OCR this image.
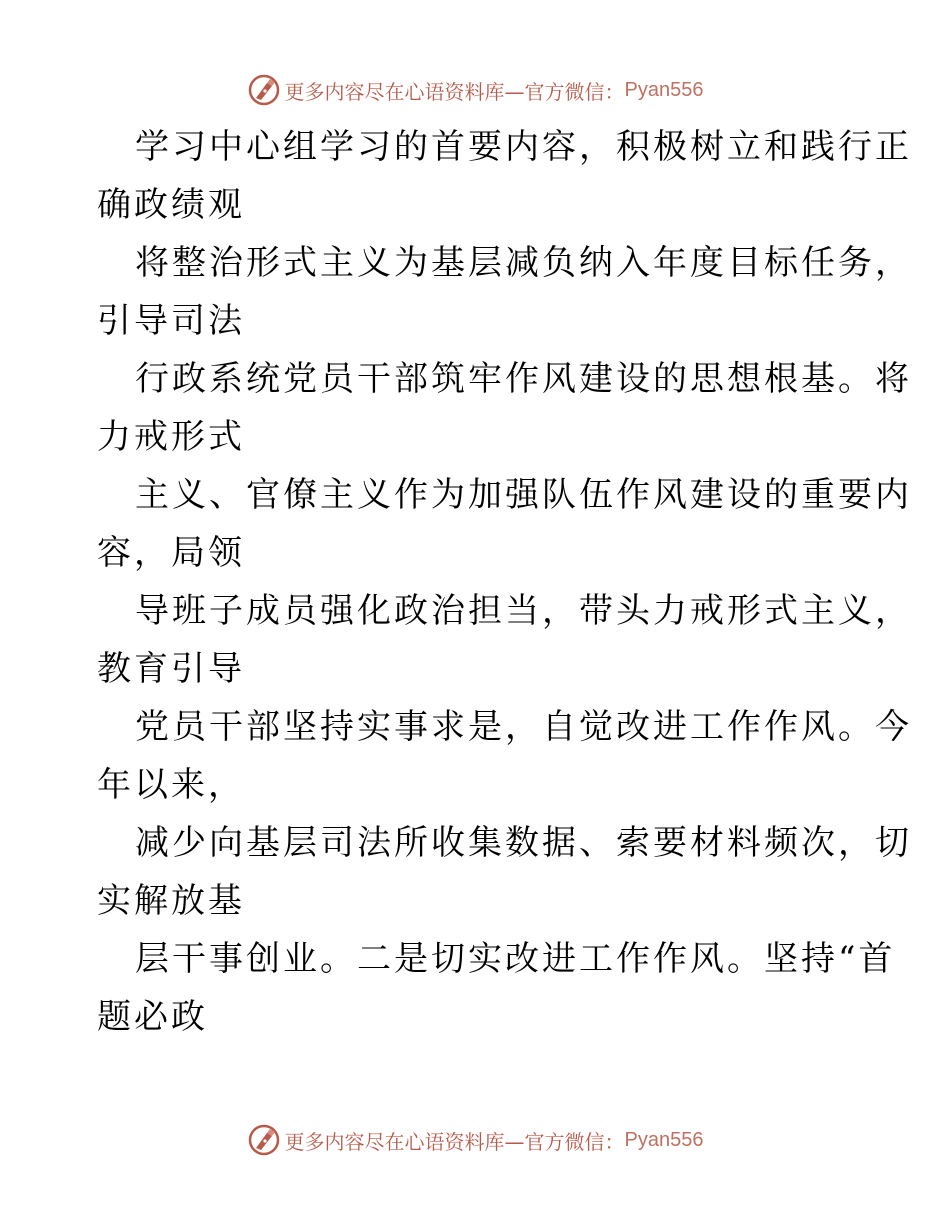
更多内容尽在心语资料库—官方微信： Pyan556
学习中心组学习的首要内容，积极树立和践行正
确政绩观
将整治形式主义为基层减负纳入年度目标任务，
引导司法
行政系统党员干部筑牢作风建设的思想根基。将
力戒形式
主义、官僚主义作为加强队伍作风建设的重要内
容，局领
导班子成员强化政治担当，带头力戒形式主义，
教育引导
党员干部坚持实事求是，自觉改进工作作风。今
年以来，
减少向基层司法所收集数据、索要材料频次，切
实解放基
层干事创业。二是切实改进工作作风。坚持“首
题必政
更多内容尽在心语资料库—官方微信： Pyan556
